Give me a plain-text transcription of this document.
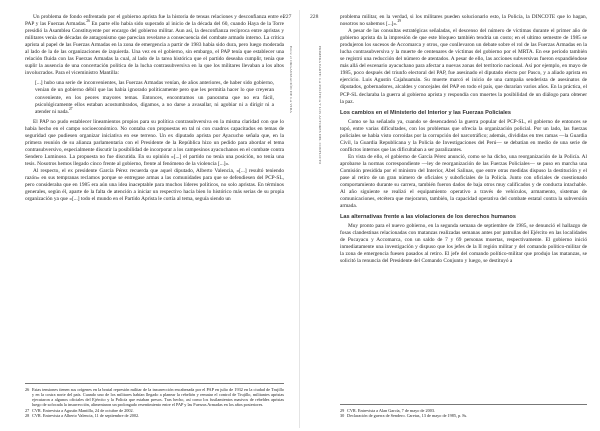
Un problema de fondo enfrentado por el gobierno aprista fue la historia de tensas relaciones y desconfianza entre el PAP y las Fuerzas Armadas.$^{26}$ En parte ello había sido superado al inicio de la década del 60, cuando Haya de la Torre presidió la Asamblea Constituyente por encargo del gobierno militar. Aun así, la desconfianza recíproca entre apristas y militares venía de décadas de antagonismo que parecían revelarse a consecuencia del combate armado interno. La crítica aprista al papel de las Fuerzas Armadas en la zona de emergencia a partir de 1983 había sido dura, pero luego moderada al lado de la de las organizaciones de izquierda. Una vez en el gobierno, sin embargo, el PAP tenía que establecer una relación fluida con las Fuerzas Armadas la cual, al lado de la tarea histórica que el partido deseaba cumplir, tenía que suplir la ausencia de una concertación política de la lucha contrasubversiva en la que los militares llevaban a los altos involucrados. Para el viceministro Mantilla:

[...] hubo una serie de inconvenientes, las Fuerzas Armadas venían, de años anteriores, de haber sido gobierno, venían de un gobierno débil que las había ignorado políticamente pero que les permitía hacer lo que creyeran conveniente, en los peores mayores temas. Entonces, encontramos un panorama que no era fácil, psicológicamente ellos estaban acostumbrados, digamos, a no darse a avasallar, ni agobiar ni a dirigir ni a atender ni nada.$^{27}$

El PAP no pudo establecer lineamientos propios para su política contrasubversiva en la misma claridad con que lo había hecho en el campo socioeconómico. No contaba con propuestas en tal ni con cuadros capacitados en temas de seguridad que pudiesen organizar iniciativa en ese terreno. Un ex diputado aprista por Ayacucho señala que, en la primera reunión de su alianza parlamentaria con el Presidente de la República hizo un pedido para abordar el tema contrasubversivo, especialmente discutir la posibilidad de incorporar a los campesinos ayacuchanos en el combate contra Sendero Luminoso. La propuesta no fue discutida. En su opinión «[...] el partido no tenía una posición, no tenía una tesis. Nosotros hemos llegado cinco frente al gobierno, frente al fenómeno de la violencia [...]».

Al respecto, el ex presidente García Pérez recuerda que aquel diputado, Alberto Valencia, «[...] resultó teniendo razón» en sus tempranas reclamos porque se entregase armas a las comunidades para que se defendiesen del PCP-SL, pero consideraba que en 1985 era aún una idea inaceptable para muchos líderes políticos, no solo apristas. En términos generales, según él, aparte de la falta de atención a iniciar un respectivo hacia bien lo histórico más serias de su propia organización ya que «[...] todo el mundo en el Partido Aprista le cortía al tema, seguía siendo un

26 Estas tensiones tienen sus orígenes en la brutal represión militar de la insurrección encabezada por el PAP en julio de 1932 en la ciudad de Trujillo y en la costra norte del país. Cuando uno de los militares habían llegado a planear la rebelión y rematar el control de Trujillo, militantes apristas ejecutaron a algunos oficiales del Ejército y la Policía que estaban presos. Tras hecho, así como los fusilamientos masivos de rebeldes apristas luego de sofocada la insurrección, alimentaron un prolongado resentimiento entre el PAP y las Fuerzas Armadas en los años posteriores.

27 CVR. Entrevista a Agustín Mantilla, 24 de octubre de 2002.

28 CVR. Entrevista a Alberto Valencia, 11 de septiembre de 2002.

227
Entre el ORGANIZACIÓN DE LA VIDA
228
PRIMERA PARTE: LA POLÍTICA Y LOS ACTORES DEL CONFLICTO

problema militar, en la verdad, si los militares pueden solucionarlo esto, la Policía, la DINCOTE que lo hagan, nosotros no sabemos [...]».$^{29}$

A pesar de las consultas estratégicas señaladas, el descenso del número de víctimas durante el primer año de gobierno aprista da la impresión de que este bloqueo también tendría un costo; en el ultimo semestre de 1985 se produjeron los sucesos de Accomarca y otros, que conllevaron un debate sobre el rol de las Fuerzas Armadas en la lucha contrasubversiva y la muerte de centenares de víctimas del gobierno por el MRTA. En ese periodo también se registró una reducción del número de atentados. A pesar de ello, las acciones subversivas fueron expandiéndose más allá del escenario ayacuchano para afectar a nuevas zonas del territorio nacional. Así por ejemplo, en mayo de 1985, poco después del triunfo electoral del PAP, fue asesinado el diputado electo por Pasco, y a aliado aprista en ejercicio. Luis Agustín Cajahuamán. Su muerte marcó el inicio de una campaña senderista de asesinatos de diputados, gobernadores, alcaldes y concejales del PAP en todo el país, que durarían varios años. En la práctica, el PCP-SL declaraba la guerra al gobierno aprista y respondía con muertes la posibilidad de un diálogo para obtener la paz.

Los cambios en el Ministerio del Interior y las Fuerzas Policiales

Como se ha señalado ya, cuando se desencadenó la guerra popular del PCP-SL, el gobierno de entonces se topó, entre varias dificultades, con los problemas que ofrecía la organización policial. Por un lado, las fuerzas policiales se había visto corroídas por la corrupción del narcotráfico; además, divididas en tres ramas —la Guardia Civil, la Guardia Republicana y la Policía de Investigaciones del Perú— se debatían en medio de una serie de conflictos internos que las dificultaban a ser paralizantes.

En vista de ello, el gobierno de García Pérez anunció, como se ha dicho, una reorganización de la Policía. Al aprobarse la normas correspondiente —ley de reorganización de las Fuerzas Policiales— se puso en marcha una Comisión presidida por el ministro del Interior, Abel Salinas, que entre otras medidas dispuso la destitución y el pase al retiro de un gran número de oficiales y suboficiales de la Policía. Junto con oficiales de cuestionado comportamiento durante su carrera, también fueron dados de baja otros muy calificados y de conducta intachable. Al año siguiente se realizó el equipamiento operativo a través de vehículos, armamento, sistemas de comunicaciones, etcétera que mejoraron, también, la capacidad operativa del combate estatal contra la subversión armada.

Las alternativas frente a las violaciones de los derechos humanos

Muy pronto para el nuevo gobierno, en la segunda semana de septiembre de 1985, se denunció el hallazgo de fosas clandestinas relacionadas con matanzas realizadas semanas antes por patrullas del Ejército en las localidades de Pucayacu y Accomarca, con un saldo de 7 y 69 personas muertas, respectivamente. El gobierno inició inmediatamente una investigación y dispuso que los jefes de la II región militar y del comando político-militar de la zona de emergencia fuesen pasados al retiro. El jefe del comando político-militar que produjo las matanzas, se solicitó la renuncia del Presidente del Comando Conjunto y luego, se destituyó a

29 CVR. Entrevista a Alan García, 7 de mayo de 2003.

30 Declaración de guerra de Sendero. Caretas, 13 de mayo de 1985, p. 8s.
